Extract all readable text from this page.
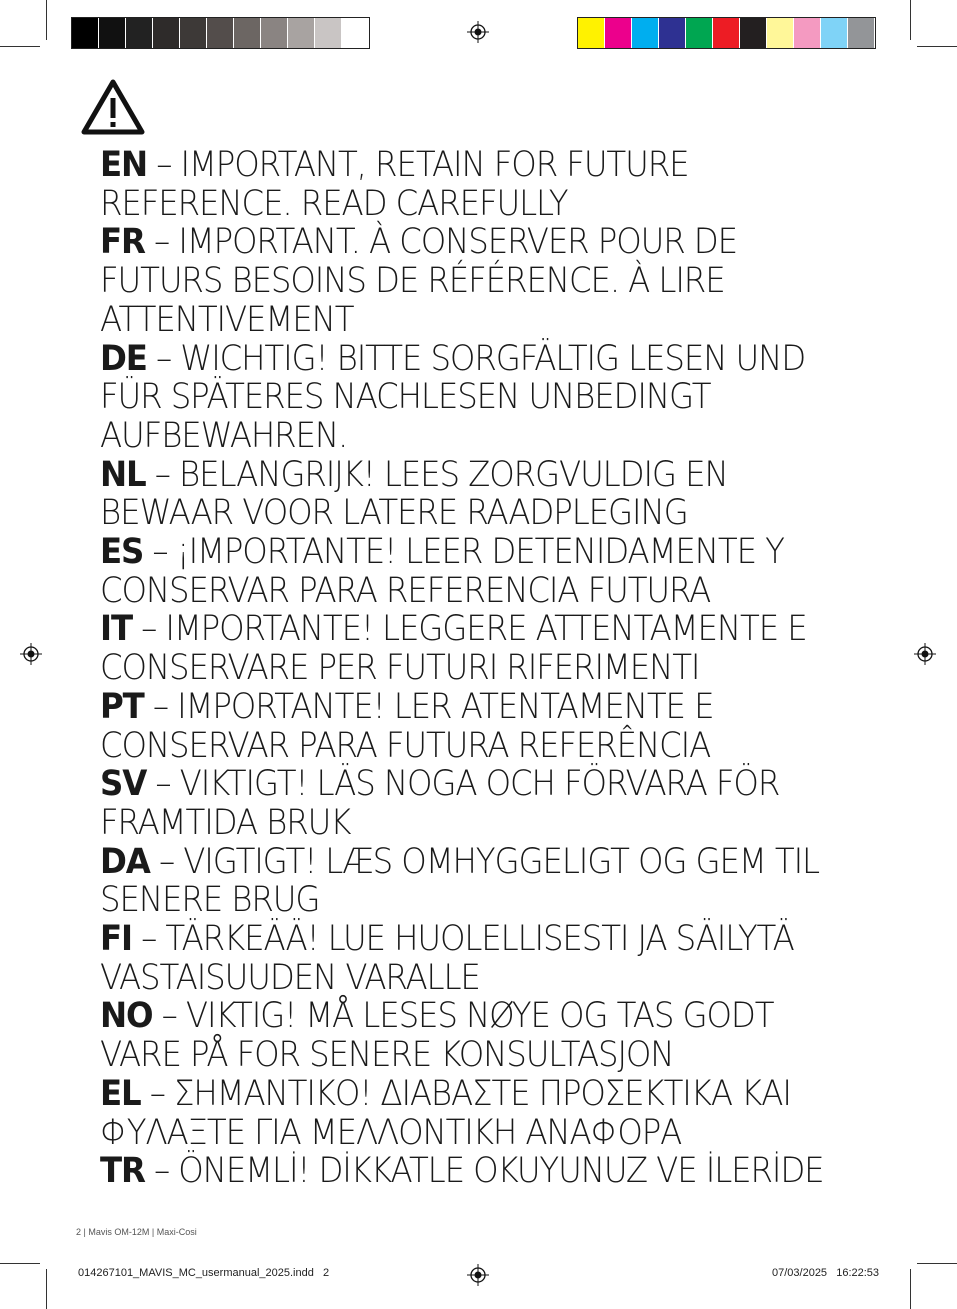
EN – IMPORTANT, RETAIN FOR FUTURE REFERENCE. READ CAREFULLY

FR – IMPORTANT. À CONSERVER POUR DE FUTURS BESOINS DE RÉFÉRENCE. À LIRE ATTENTIVEMENT

DE – WICHTIG! BITTE SORGFÄLTIG LESEN UND FÜR SPÄTERES NACHLESEN UNBEDINGT AUFBEWAHREN.

NL – BELANGRIJK! LEES ZORGVULDIG EN BEWAAR VOOR LATERE RAADPLEGING

ES – ¡IMPORTANTE! LEER DETENIDAMENTE Y CONSERVAR PARA REFERENCIA FUTURA

IT – IMPORTANTE! LEGGERE ATTENTAMENTE E CONSERVARE PER FUTURI RIFERIMENTI

PT – IMPORTANTE! LER ATENTAMENTE E CONSERVAR PARA FUTURA REFERÊNCIA

SV – VIKTIGT! LÄS NOGA OCH FÖRVARA FÖR FRAMTIDA BRUK

DA – VIGTIGT! LÆS OMHYGGELIGT OG GEM TIL SENERE BRUG

FI – TÄRKEÄÄ! LUE HUOLELLISESTI JA SÄILYTÄ VASTAISUUDEN VARALLE

NO – VIKTIG! MÅ LESES NØYE OG TAS GODT VARE PÅ FOR SENERE KONSULTASJON

EL – ΣΗΜΑΝΤΙΚΟ! ΔΙΑΒΑΣΤΕ ΠΡΟΣΕΚΤΙΚΑ ΚΑΙ ΦΥΛΑΞΤΕ ΓΙΑ ΜΕΛΛΟΝΤΙΚΗ ΑΝΑΦΟΡΑ

TR – ÖNEMLİ! DİKKATLE OKUYUNUZ VE İLERİDE

2 | Mavis OM-12M | Maxi-Cosi
014267101_MAVIS_MC_usermanual_2025.indd   2	07/03/2025   16:22:53
